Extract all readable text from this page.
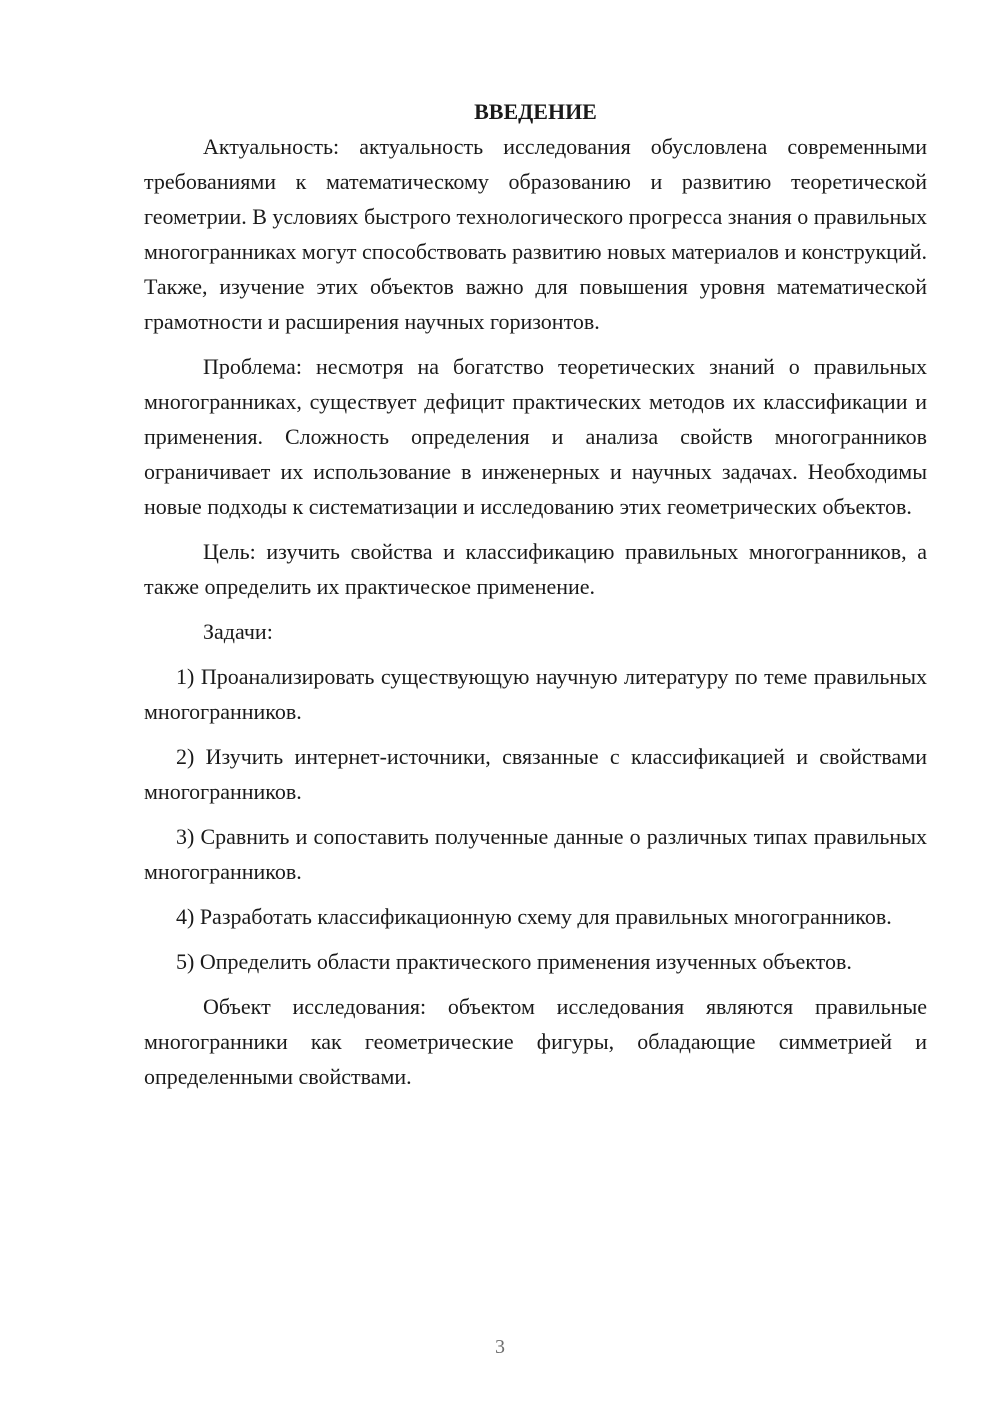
ВВЕДЕНИЕ

Актуальность: актуальность исследования обусловлена современными требованиями к математическому образованию и развитию теоретической геометрии. В условиях быстрого технологического прогресса знания о правильных многогранниках могут способствовать развитию новых материалов и конструкций. Также, изучение этих объектов важно для повышения уровня математической грамотности и расширения научных горизонтов.

Проблема: несмотря на богатство теоретических знаний о правильных многогранниках, существует дефицит практических методов их классификации и применения. Сложность определения и анализа свойств многогранников ограничивает их использование в инженерных и научных задачах. Необходимы новые подходы к систематизации и исследованию этих геометрических объектов.

Цель: изучить свойства и классификацию правильных многогранников, а также определить их практическое применение.

Задачи:

1) Проанализировать существующую научную литературу по теме правильных многогранников.

2) Изучить интернет-источники, связанные с классификацией и свойствами многогранников.

3) Сравнить и сопоставить полученные данные о различных типах правильных многогранников.

4) Разработать классификационную схему для правильных многогранников.

5) Определить области практического применения изученных объектов.

Объект исследования: объектом исследования являются правильные многогранники как геометрические фигуры, обладающие симметрией и определенными свойствами.

3
